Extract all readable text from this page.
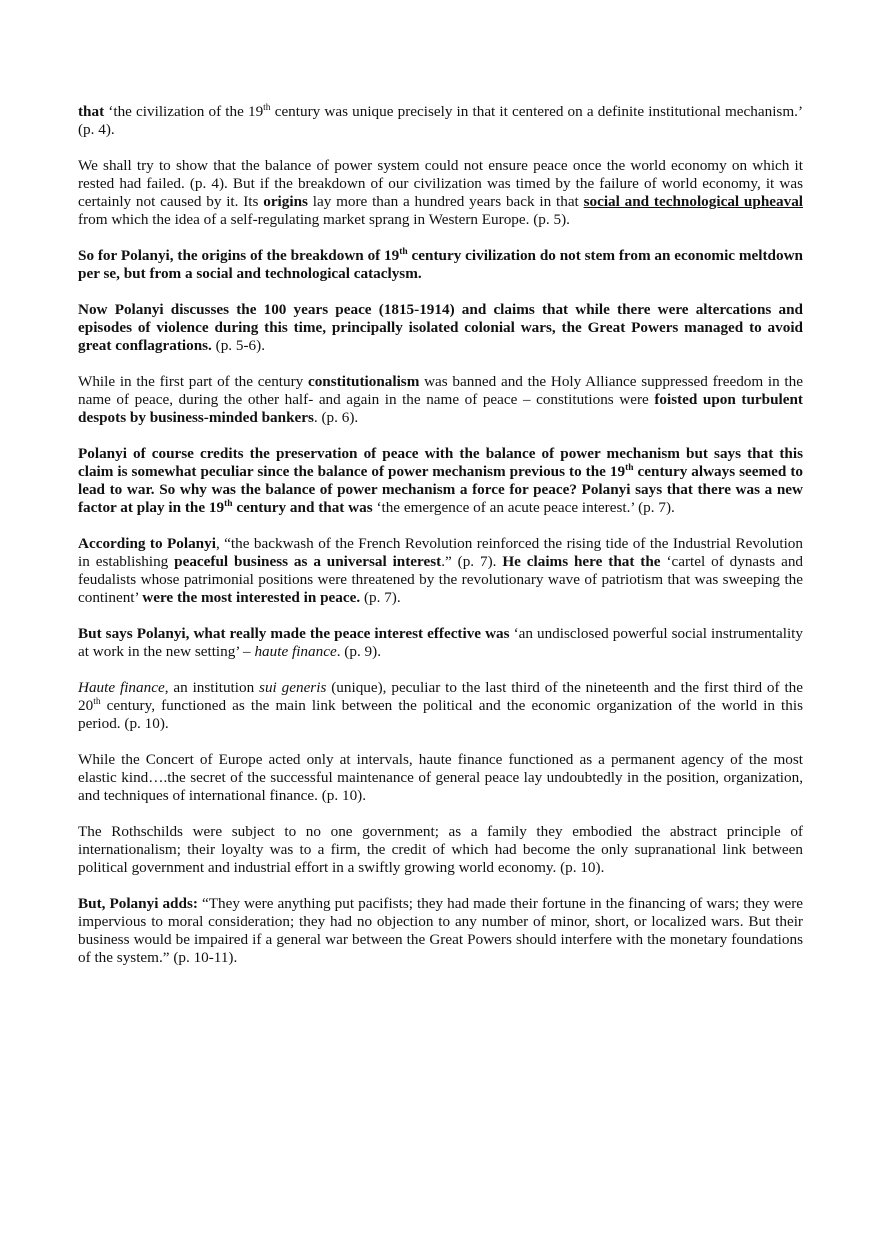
that ‘the civilization of the 19th century was unique precisely in that it centered on a definite institutional mechanism.’ (p. 4).

We shall try to show that the balance of power system could not ensure peace once the world economy on which it rested had failed. (p. 4). But if the breakdown of our civilization was timed by the failure of world economy, it was certainly not caused by it. Its origins lay more than a hundred years back in that social and technological upheaval from which the idea of a self-regulating market sprang in Western Europe. (p. 5).

So for Polanyi, the origins of the breakdown of 19th century civilization do not stem from an economic meltdown per se, but from a social and technological cataclysm.

Now Polanyi discusses the 100 years peace (1815-1914) and claims that while there were altercations and episodes of violence during this time, principally isolated colonial wars, the Great Powers managed to avoid great conflagrations. (p. 5-6).

While in the first part of the century constitutionalism was banned and the Holy Alliance suppressed freedom in the name of peace, during the other half- and again in the name of peace – constitutions were foisted upon turbulent despots by business-minded bankers. (p. 6).

Polanyi of course credits the preservation of peace with the balance of power mechanism but says that this claim is somewhat peculiar since the balance of power mechanism previous to the 19th century always seemed to lead to war. So why was the balance of power mechanism a force for peace? Polanyi says that there was a new factor at play in the 19th century and that was ‘the emergence of an acute peace interest.’ (p. 7).

According to Polanyi, “the backwash of the French Revolution reinforced the rising tide of the Industrial Revolution in establishing peaceful business as a universal interest.” (p. 7). He claims here that the ‘cartel of dynasts and feudalists whose patrimonial positions were threatened by the revolutionary wave of patriotism that was sweeping the continent’ were the most interested in peace. (p. 7).

But says Polanyi, what really made the peace interest effective was ‘an undisclosed powerful social instrumentality at work in the new setting’ – haute finance. (p. 9).

Haute finance, an institution sui generis (unique), peculiar to the last third of the nineteenth and the first third of the 20th century, functioned as the main link between the political and the economic organization of the world in this period. (p. 10).

While the Concert of Europe acted only at intervals, haute finance functioned as a permanent agency of the most elastic kind….the secret of the successful maintenance of general peace lay undoubtedly in the position, organization, and techniques of international finance. (p. 10).

The Rothschilds were subject to no one government; as a family they embodied the abstract principle of internationalism; their loyalty was to a firm, the credit of which had become the only supranational link between political government and industrial effort in a swiftly growing world economy. (p. 10).

But, Polanyi adds: “They were anything put pacifists; they had made their fortune in the financing of wars; they were impervious to moral consideration; they had no objection to any number of minor, short, or localized wars. But their business would be impaired if a general war between the Great Powers should interfere with the monetary foundations of the system.” (p. 10-11).
